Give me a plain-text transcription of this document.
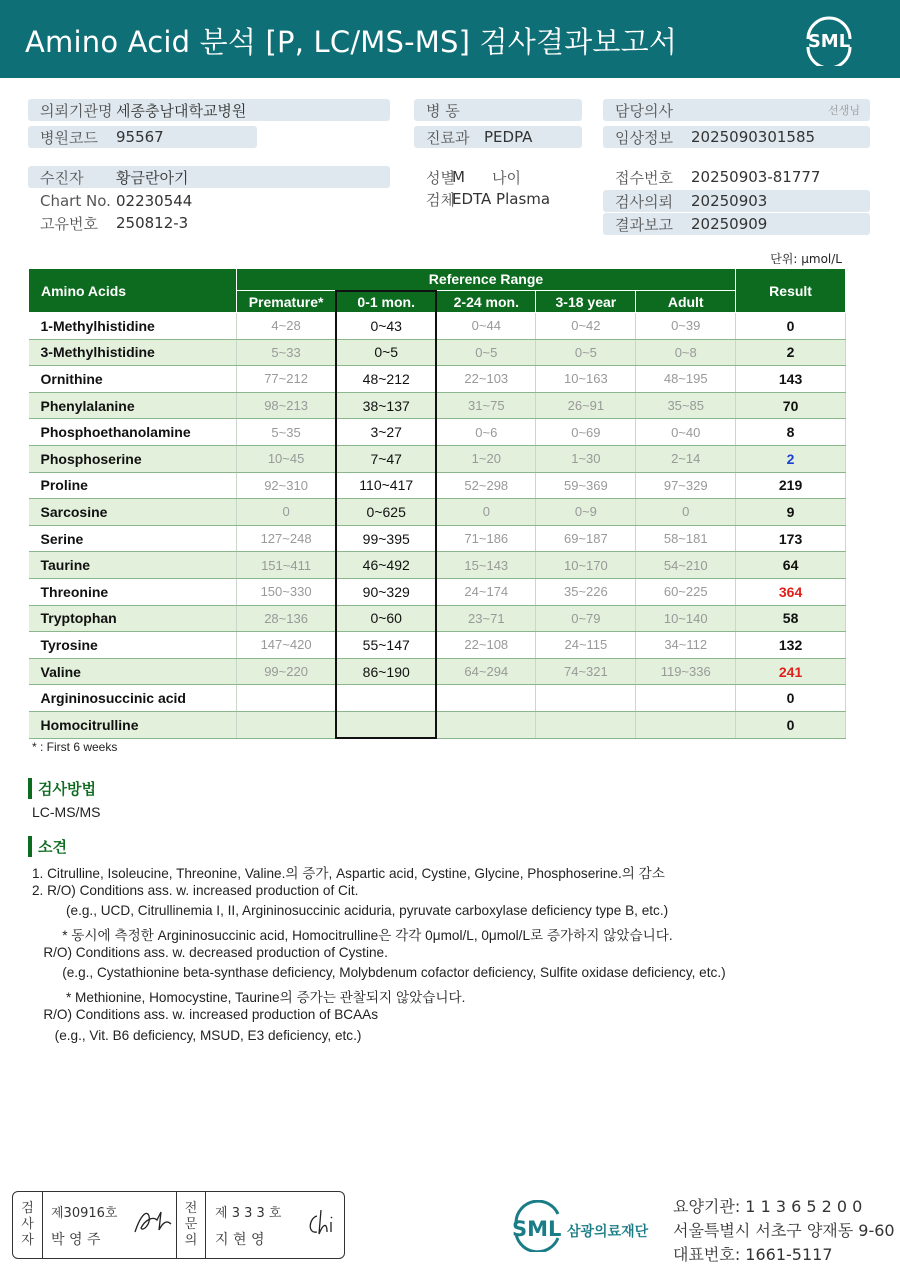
Amino Acid 분석 [P, LC/MS-MS] 검사결과보고서	SML
의뢰기관명 세종충남대학교병원
병원코드	95567
수진자	황금란아기
Chart No. 02230544
고유번호	250812-3
병 동
진료과 PEDPA
성별
M	나이
검체
EDTA Plasma
담당의사	선생님
임상정보	2025090301585
접수번호	20250903-81777
검사의뢰	20250903
결과보고	20250909
단위: μmol/L
Amino Acids	Reference Range					Result
	Premature*	0-1 mon.	2-24 mon.	3-18 year	Adult	
1-Methylhistidine	4~28	0~43	0~44	0~42	0~39	0
3-Methylhistidine	5~33	0~5	0~5	0~5	0~8	2
Ornithine	77~212	48~212	22~103	10~163	48~195	143
Phenylalanine	98~213	38~137	31~75	26~91	35~85	70
Phosphoethanolamine	5~35	3~27	0~6	0~69	0~40	8
Phosphoserine	10~45	7~47	1~20	1~30	2~14	2
Proline	92~310	110~417	52~298	59~369	97~329	219
Sarcosine	0	0~625	0	0~9	0	9
Serine	127~248	99~395	71~186	69~187	58~181	173
Taurine	151~411	46~492	15~143	10~170	54~210	64
Threonine	150~330	90~329	24~174	35~226	60~225	364
Tryptophan	28~136	0~60	23~71	0~79	10~140	58
Tyrosine	147~420	55~147	22~108	24~115	34~112	132
Valine	99~220	86~190	64~294	74~321	119~336	241
Argininosuccinic acid						0
Homocitrulline						0
* : First 6 weeks
검사방법
LC-MS/MS
소견
1. Citrulline, Isoleucine, Threonine, Valine.의 증가, Aspartic acid, Cystine, Glycine, Phosphoserine.의 감소
2. R/O) Conditions ass. w. increased production of Cit.
(e.g., UCD, Citrullinemia I, II, Argininosuccinic aciduria, pyruvate carboxylase deficiency type B, etc.)
* 동시에 측정한 Argininosuccinic acid, Homocitrulline은 각각 0μmol/L, 0μmol/L로 증가하지 않았습니다.
R/O) Conditions ass. w. decreased production of Cystine.
(e.g., Cystathionine beta-synthase deficiency, Molybdenum cofactor deficiency, Sulfite oxidase deficiency, etc.)
* Methionine, Homocystine, Taurine의 증가는 관찰되지 않았습니다.
R/O) Conditions ass. w. increased production of BCAAs
(e.g., Vit. B6 deficiency, MSUD, E3 deficiency, etc.)
검
사
자
제30916호
박 영 주
전
문
의
제 3 3 3 호
지 현 영	SML 삼광의료재단
요양기관: 1 1 3 6 5 2 0 0
서울특별시 서초구 양재동 9-60
대표번호: 1661-5117
